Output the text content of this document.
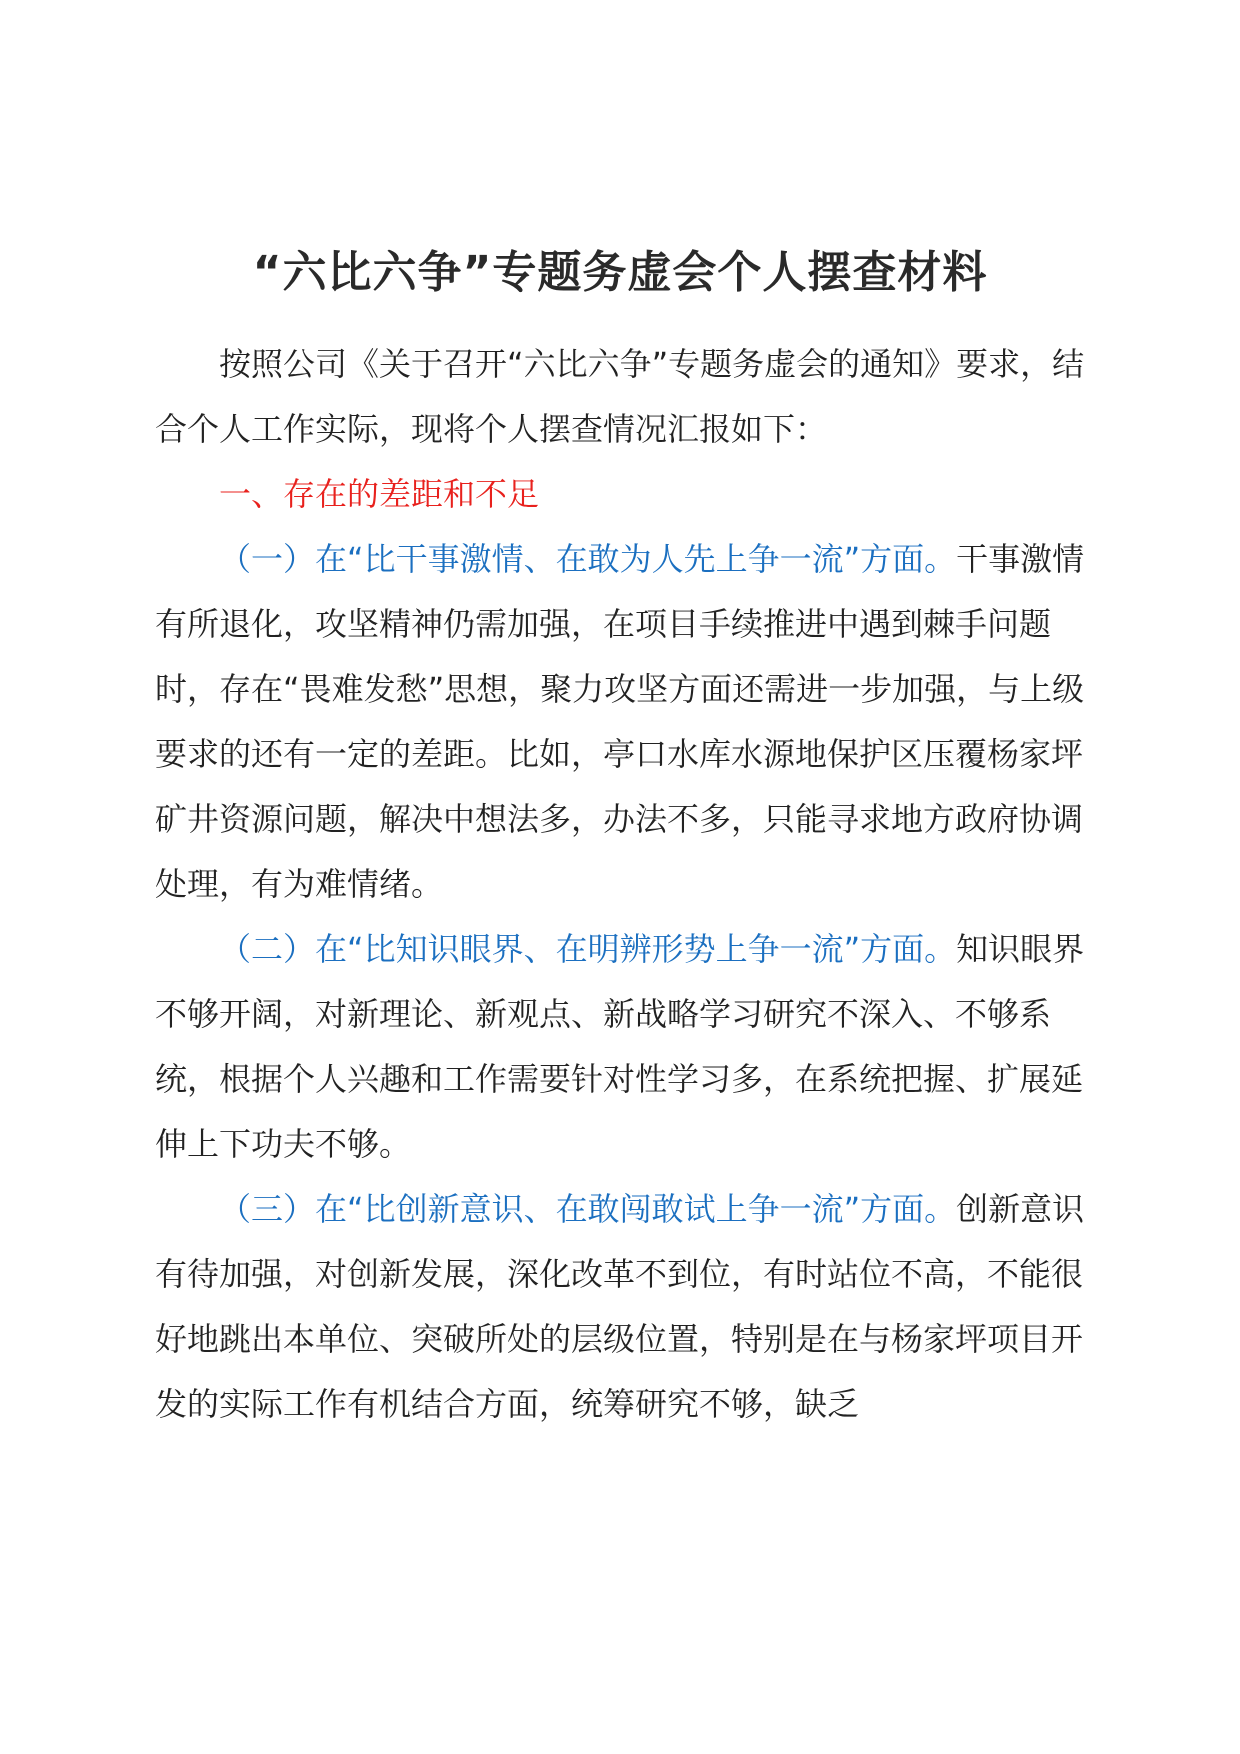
“六比六争”专题务虚会个人摆查材料

按照公司《关于召开“六比六争”专题务虚会的通知》要求，结合个人工作实际，现将个人摆查情况汇报如下：

一、存在的差距和不足

（一）在“比干事激情、在敢为人先上争一流”方面。干事激情有所退化，攻坚精神仍需加强，在项目手续推进中遇到棘手问题时，存在“畏难发愁”思想，聚力攻坚方面还需进一步加强，与上级要求的还有一定的差距。比如，亭口水库水源地保护区压覆杨家坪矿井资源问题，解决中想法多，办法不多，只能寻求地方政府协调处理，有为难情绪。

（二）在“比知识眼界、在明辨形势上争一流”方面。知识眼界不够开阔，对新理论、新观点、新战略学习研究不深入、不够系统，根据个人兴趣和工作需要针对性学习多，在系统把握、扩展延伸上下功夫不够。

（三）在“比创新意识、在敢闯敢试上争一流”方面。创新意识有待加强，对创新发展，深化改革不到位，有时站位不高，不能很好地跳出本单位、突破所处的层级位置，特别是在与杨家坪项目开发的实际工作有机结合方面，统筹研究不够，缺乏
